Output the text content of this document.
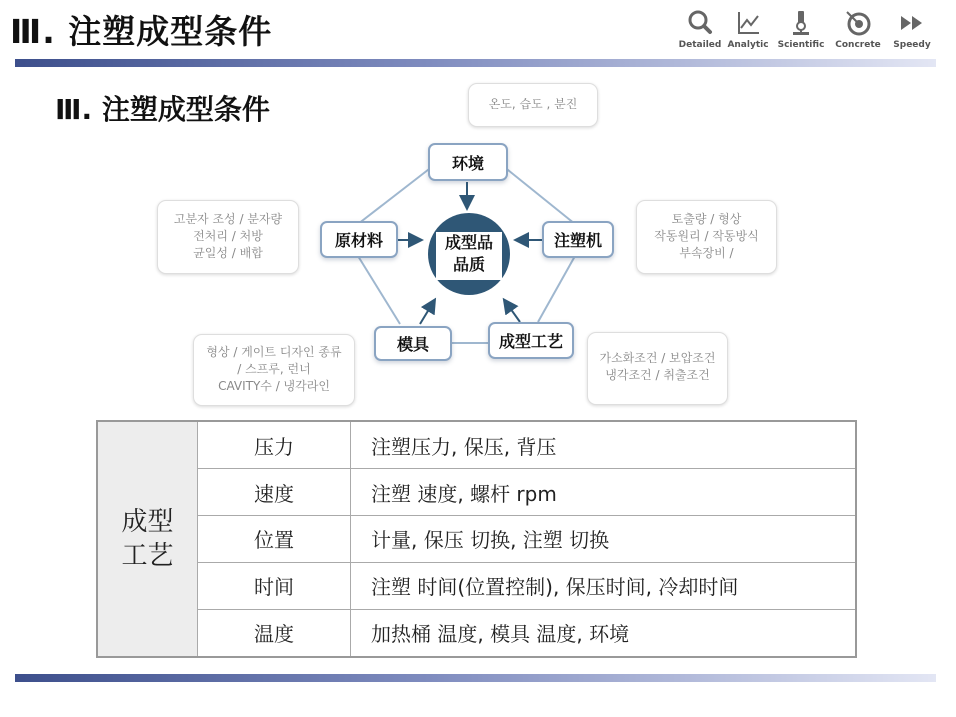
Ⅲ. 注塑成型条件	Detailed Analytic	Scientific	Concrete	Speedy
Ⅲ. 注塑成型条件
成型品
品质
环境
原材料	注塑机
模具	成型工艺
온도, 습도 , 분진
고분자 조성 / 분자량
전처리 / 처방
균일성 / 배합
토출량 / 형상
작동원리 / 작동방식
부속장비 /
형상 / 게이트 디자인 종류
/ 스프루, 런너
CAVITY수 / 냉각라인
가소화조건 / 보압조건
냉각조건 / 취출조건
成型
工艺	压力	注塑压力, 保压, 背压
	速度	注塑 速度, 螺杆 rpm
	位置	计量, 保压 切换, 注塑 切换
	时间	注塑 时间(位置控制), 保压时间, 冷却时间
	温度	加热桶 温度, 模具 温度, 环境
